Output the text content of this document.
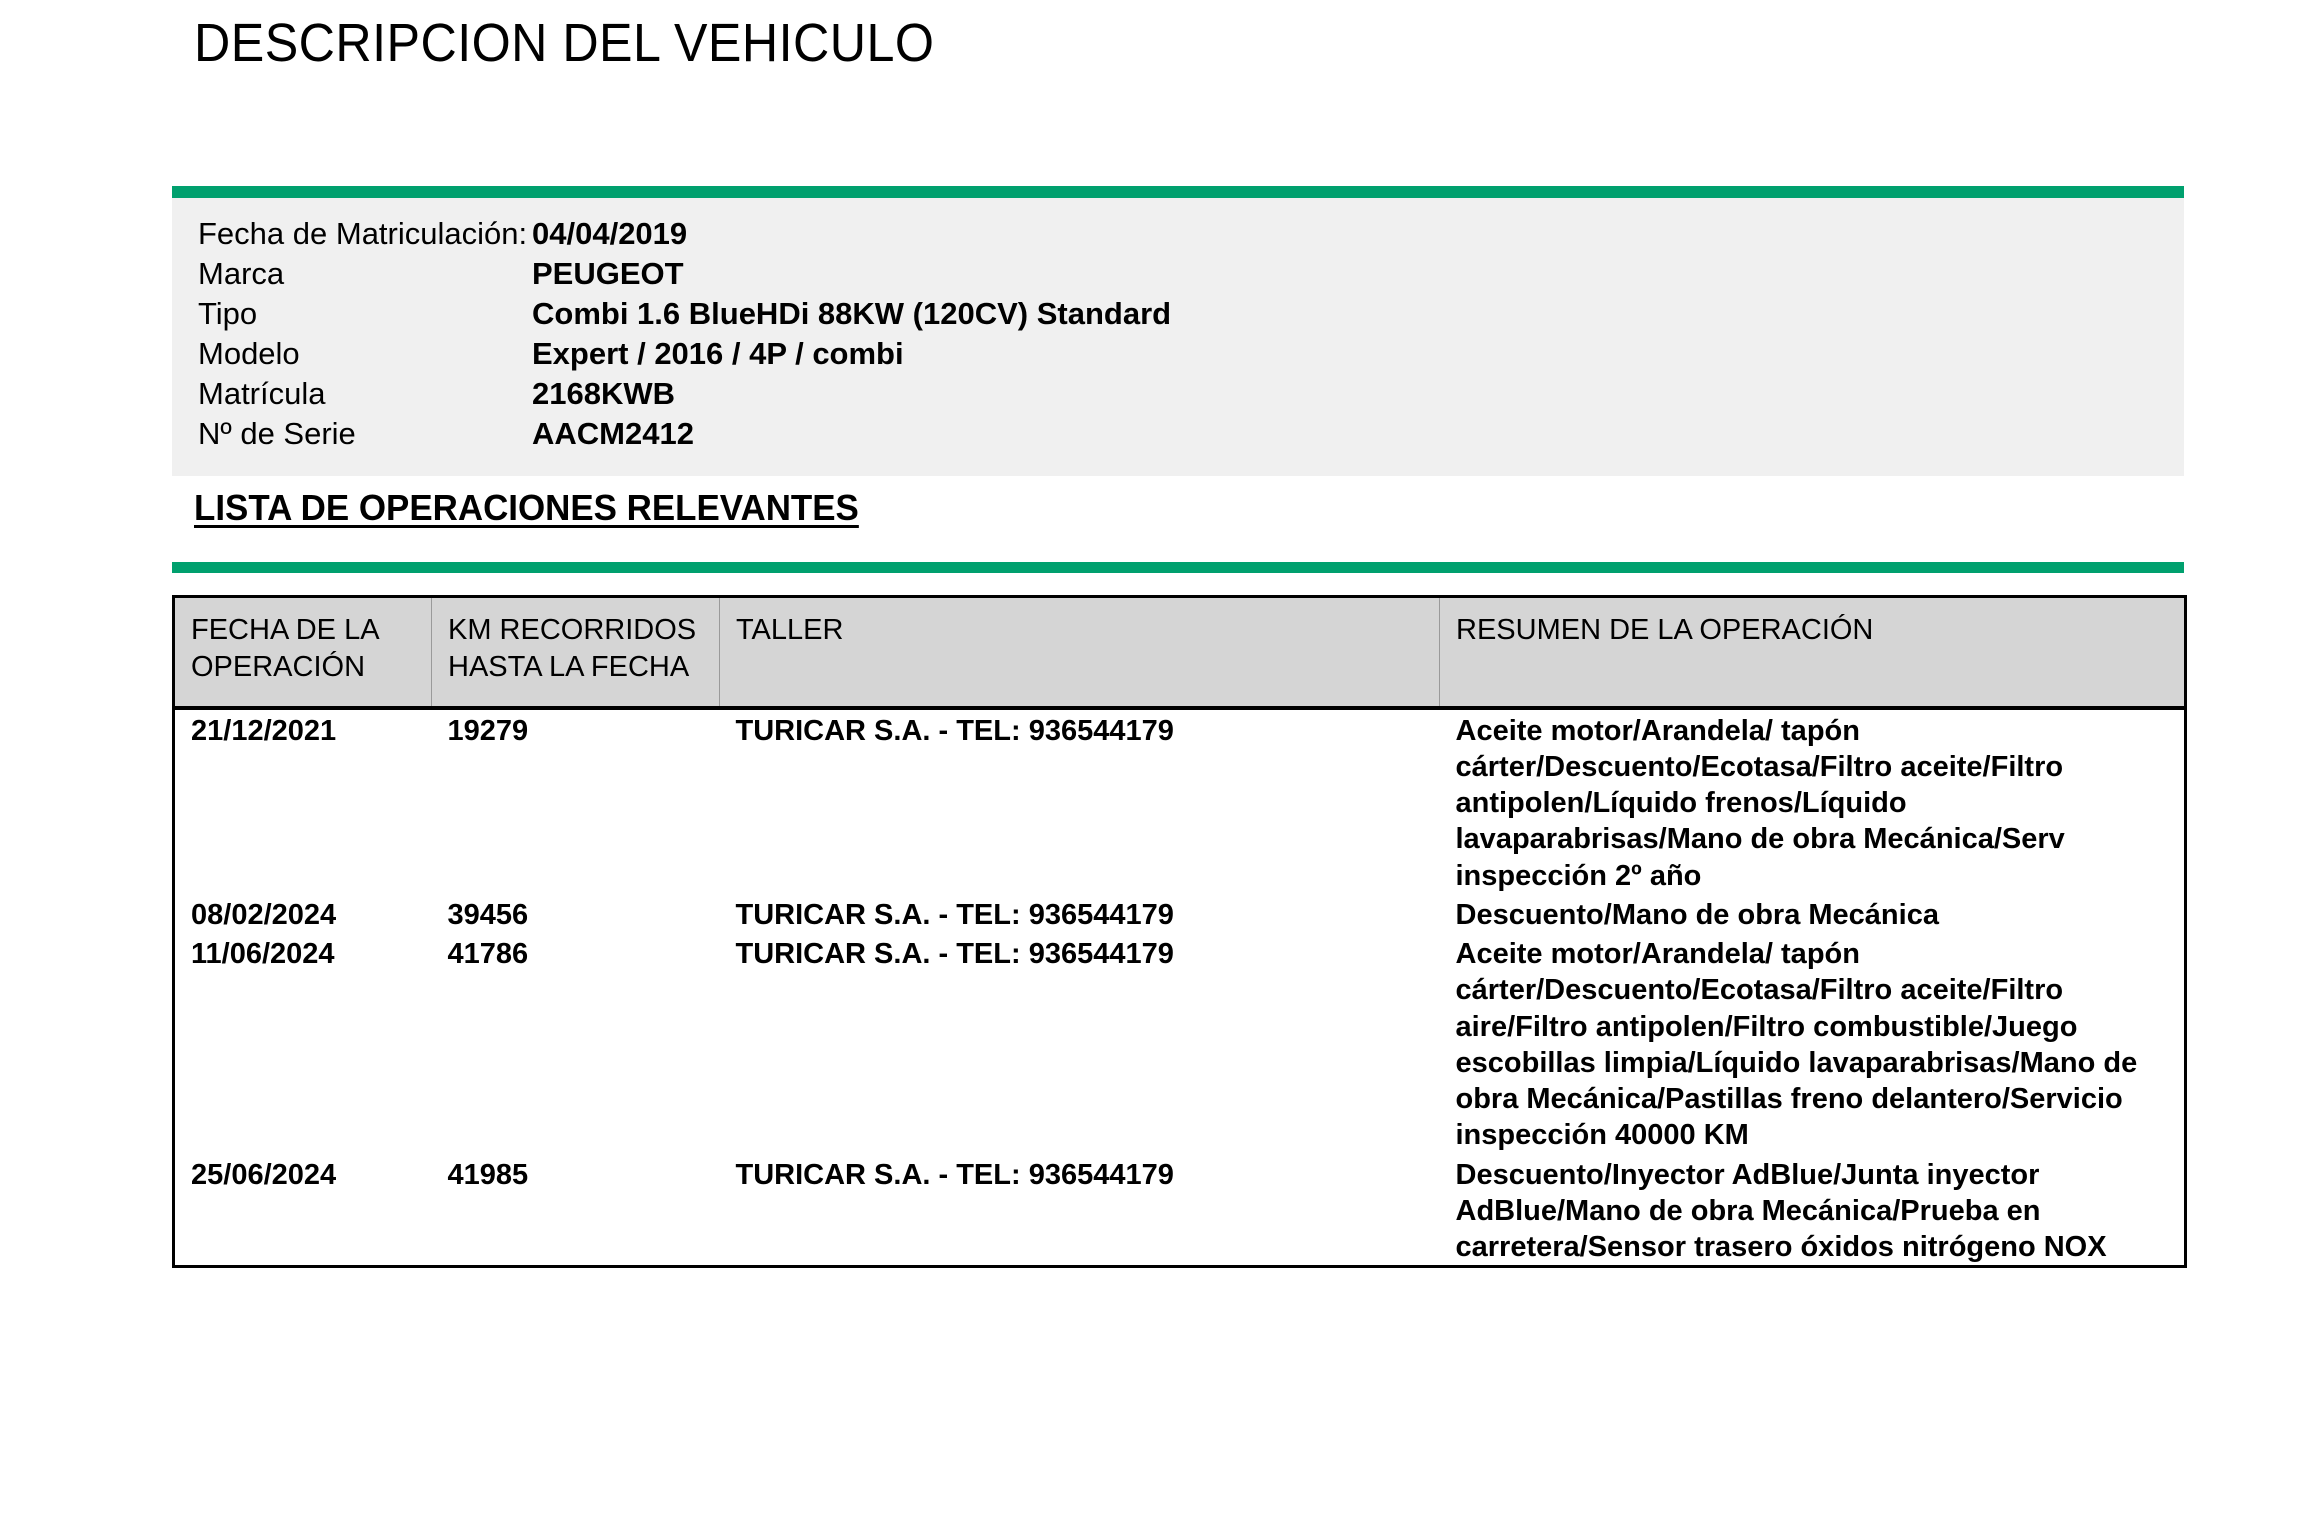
DESCRIPCION DEL VEHICULO
Fecha de Matriculación: 04/04/2019
Marca	PEUGEOT
Tipo	Combi 1.6 BlueHDi 88KW (120CV) Standard
Modelo	Expert / 2016 / 4P / combi
Matrícula	2168KWB
Nº de Serie	AACM2412
LISTA DE OPERACIONES RELEVANTES
FECHA DE LA OPERACIÓN	KM RECORRIDOS HASTA LA FECHA	TALLER	RESUMEN DE LA OPERACIÓN
21/12/2021	19279	TURICAR S.A. - TEL: 936544179	Aceite motor/Arandela/ tapón cárter/Descuento/Ecotasa/Filtro aceite/Filtro antipolen/Líquido frenos/Líquido lavaparabrisas/Mano de obra Mecánica/Serv inspección 2º año
08/02/2024	39456	TURICAR S.A. - TEL: 936544179	Descuento/Mano de obra Mecánica
11/06/2024	41786	TURICAR S.A. - TEL: 936544179	Aceite motor/Arandela/ tapón cárter/Descuento/Ecotasa/Filtro aceite/Filtro aire/Filtro antipolen/Filtro combustible/Juego escobillas limpia/Líquido lavaparabrisas/Mano de obra Mecánica/Pastillas freno delantero/Servicio inspección 40000 KM
25/06/2024	41985	TURICAR S.A. - TEL: 936544179	Descuento/Inyector AdBlue/Junta inyector AdBlue/Mano de obra Mecánica/Prueba en carretera/Sensor trasero óxidos nitrógeno NOX
